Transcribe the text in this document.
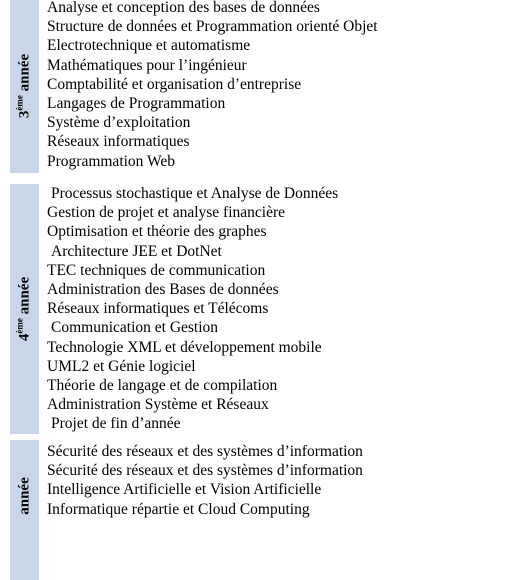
3ème année
Analyse et conception des bases de données
Structure de données et Programmation orienté Objet
Electrotechnique et automatisme
Mathématiques pour l’ingénieur
Comptabilité et organisation d’entreprise
Langages de Programmation
Système d’exploitation
Réseaux informatiques
Programmation Web
4ème année
Processus stochastique et Analyse de Données
Gestion de projet et analyse financière
Optimisation et théorie des graphes
Architecture JEE et DotNet
TEC techniques de communication
Administration des Bases de données
Réseaux informatiques et Télécoms
Communication et Gestion
Technologie XML et développement mobile
UML2 et Génie logiciel
Théorie de langage et de compilation
Administration Système et Réseaux
Projet de fin d’année
année
Sécurité des réseaux et des systèmes d’information
Sécurité des réseaux et des systèmes d’information
Intelligence Artificielle et Vision Artificielle
Informatique répartie et Cloud Computing
